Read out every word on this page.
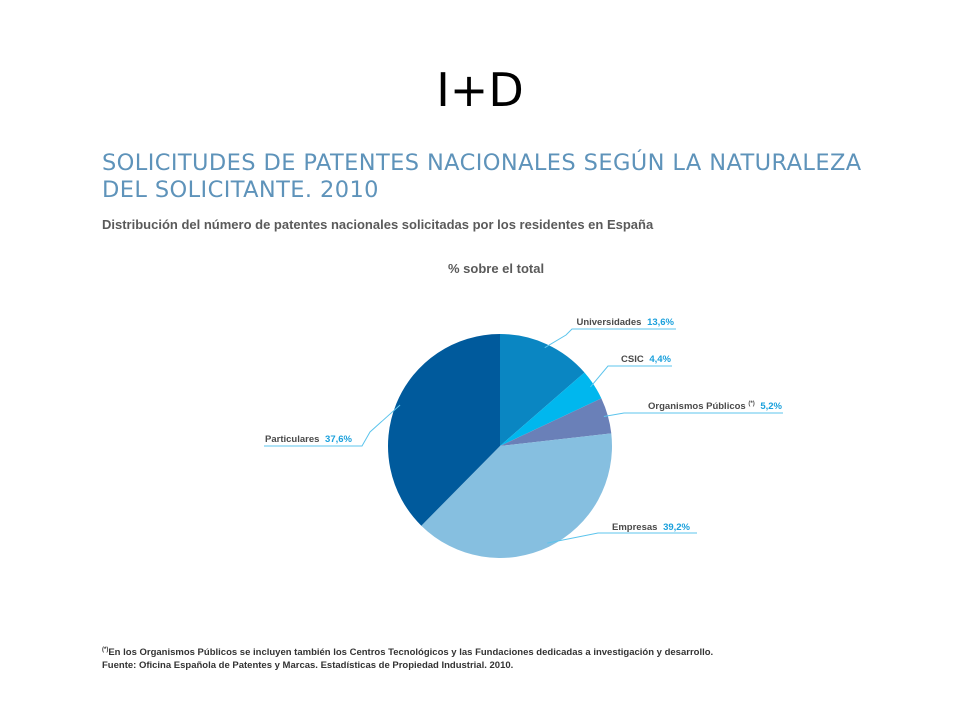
I+D
SOLICITUDES DE PATENTES NACIONALES SEGÚN LA NATURALEZA
DEL SOLICITANTE. 2010
Distribución del número de patentes nacionales solicitadas por los residentes en España
% sobre el total
Universidades 13,6%
CSIC 4,4%
Organismos Públicos (*) 5,2%
Empresas 39,2%
Particulares 37,6%
(*)En los Organismos Públicos se incluyen también los Centros Tecnológicos y las Fundaciones dedicadas a investigación y desarrollo.
Fuente: Oficina Española de Patentes y Marcas. Estadísticas de Propiedad Industrial. 2010.
